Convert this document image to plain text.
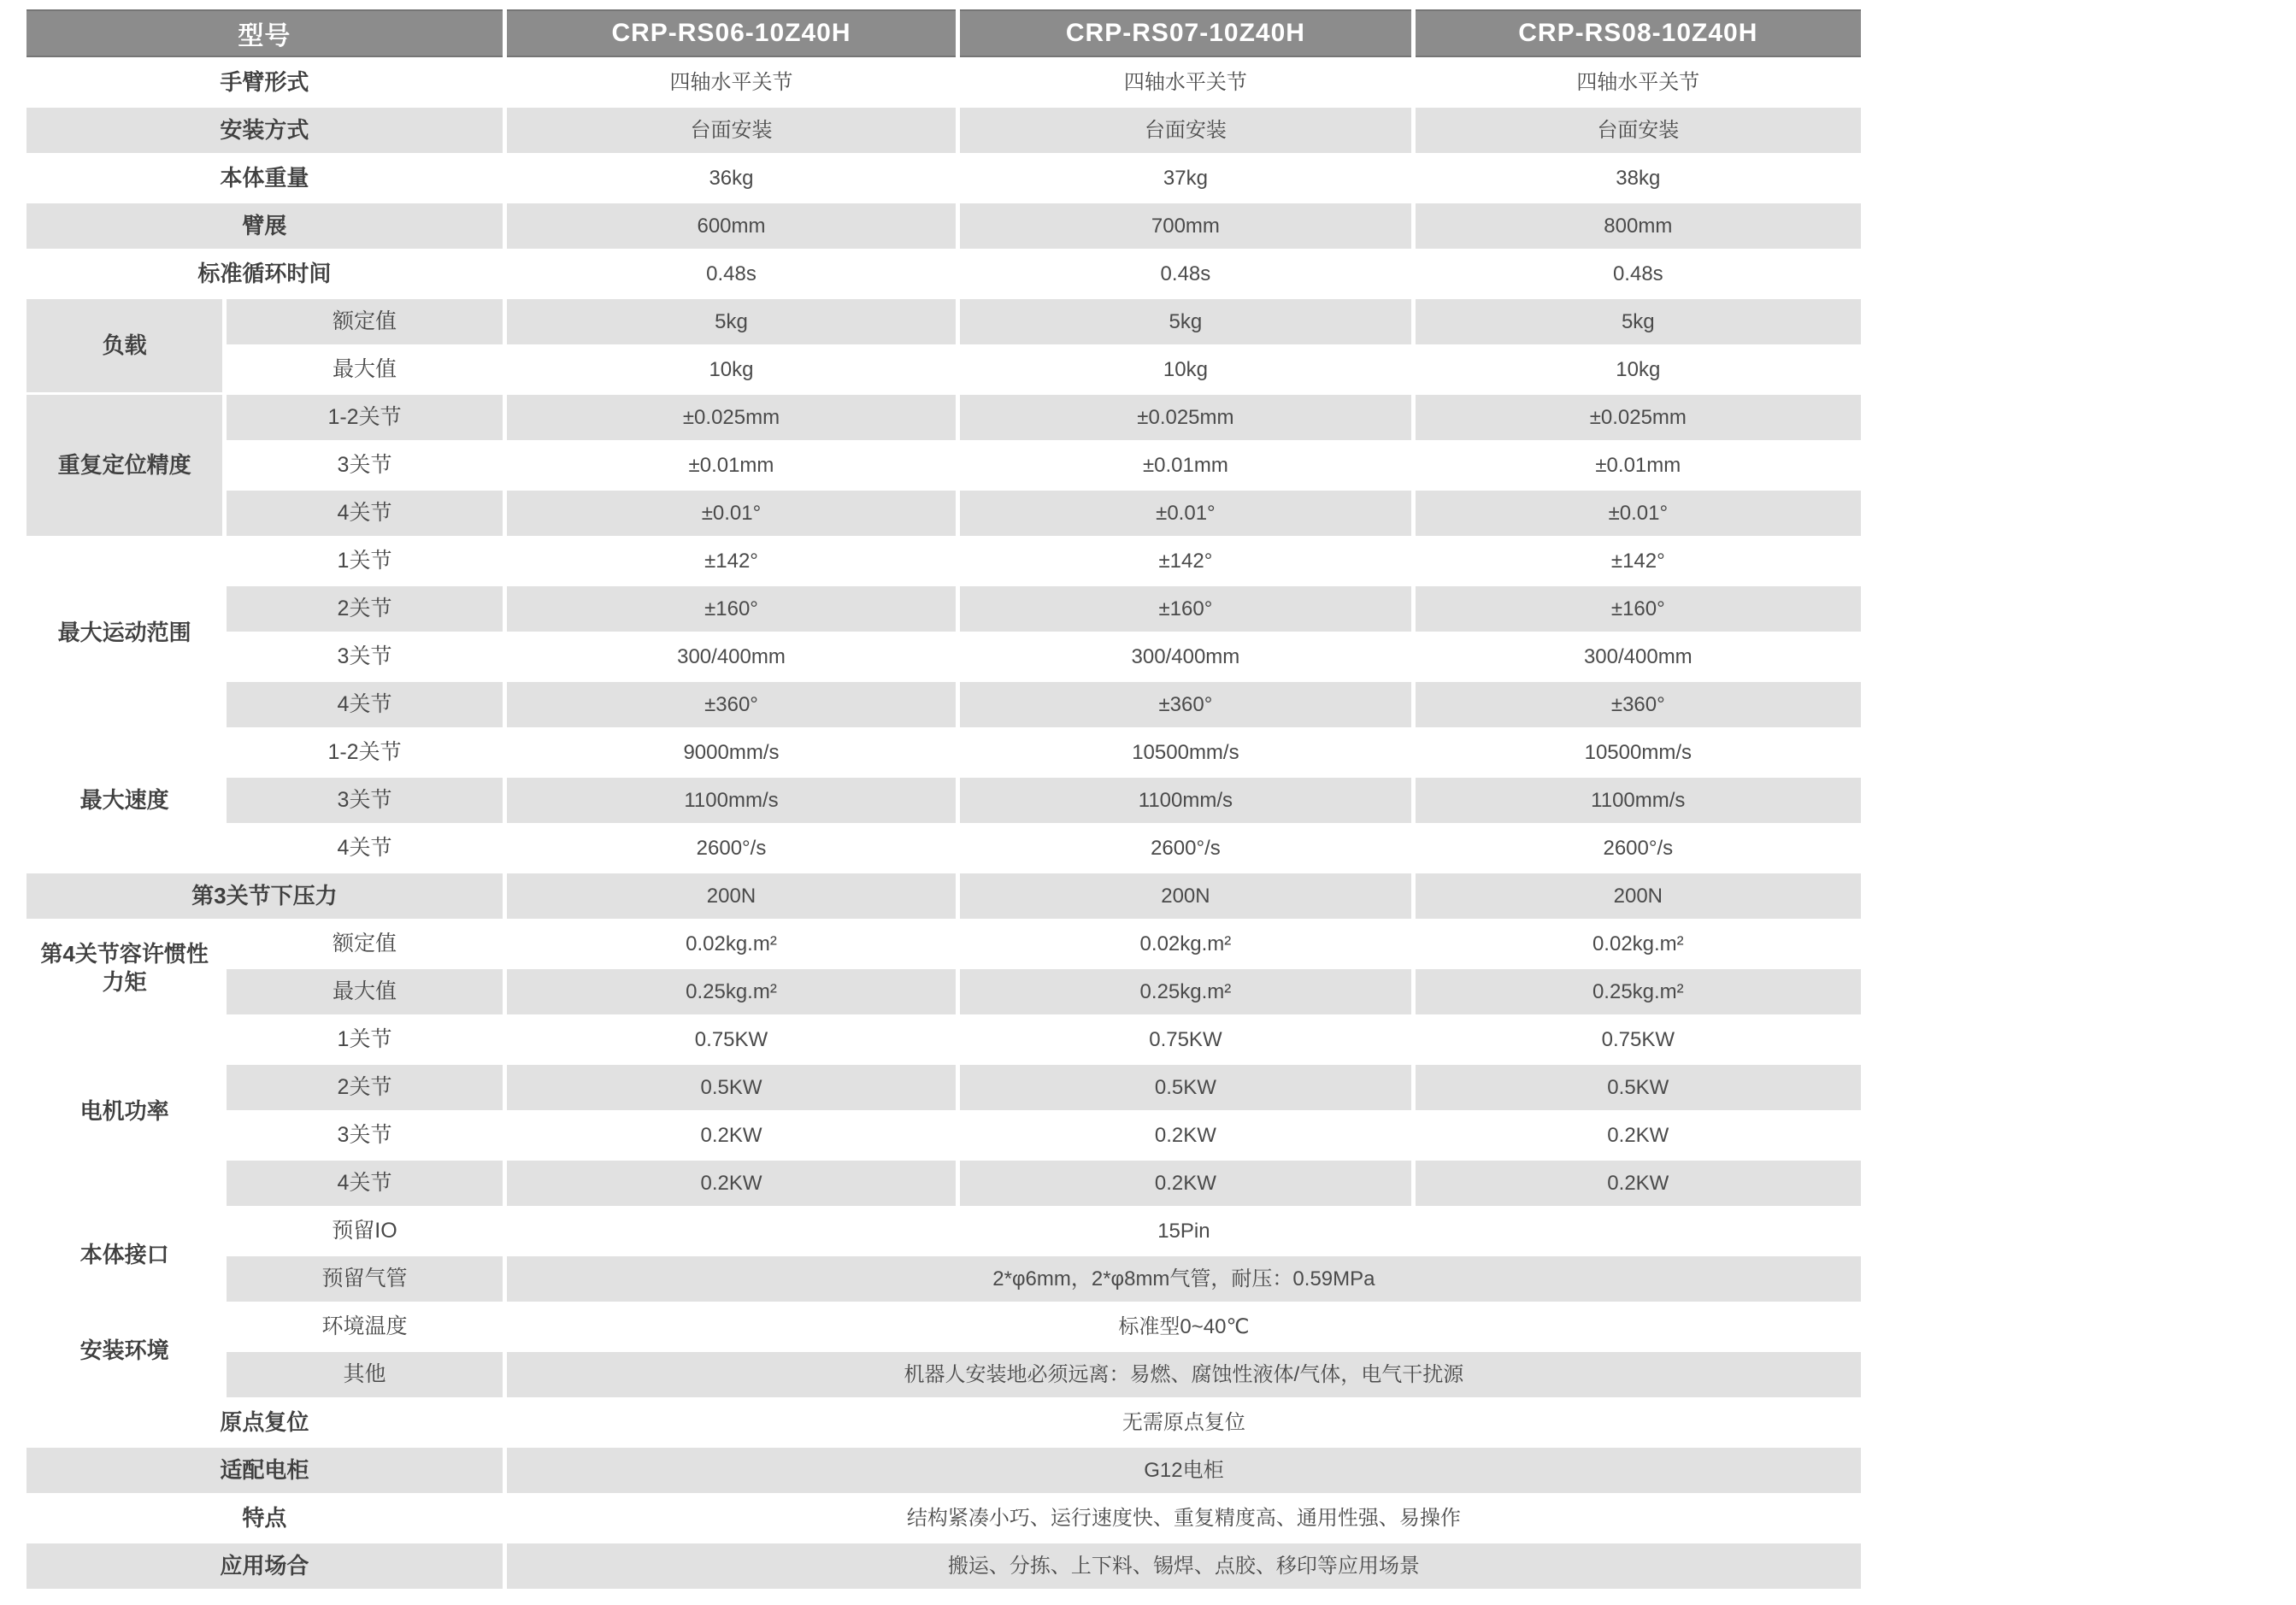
型号		CRP-RS06-10Z40H	CRP-RS07-10Z40H	CRP-RS08-10Z40H
手臂形式		四轴水平关节	四轴水平关节	四轴水平关节
安装方式		台面安装	台面安装	台面安装
本体重量		36kg	37kg	38kg
臂展		600mm	700mm	800mm
标准循环时间		0.48s	0.48s	0.48s
负载	额定值	5kg	5kg	5kg
	最大值	10kg	10kg	10kg
重复定位精度	1-2关节	±0.025mm	±0.025mm	±0.025mm
	3关节	±0.01mm	±0.01mm	±0.01mm
	4关节	±0.01°	±0.01°	±0.01°
最大运动范围	1关节	±142°	±142°	±142°
	2关节	±160°	±160°	±160°
	3关节	300/400mm	300/400mm	300/400mm
	4关节	±360°	±360°	±360°
最大速度	1-2关节	9000mm/s	10500mm/s	10500mm/s
	3关节	1100mm/s	1100mm/s	1100mm/s
	4关节	2600°/s	2600°/s	2600°/s
第3关节下压力		200N	200N	200N
第4关节容许惯性力矩	额定值	0.02kg.m²	0.02kg.m²	0.02kg.m²
	最大值	0.25kg.m²	0.25kg.m²	0.25kg.m²
电机功率	1关节	0.75KW	0.75KW	0.75KW
	2关节	0.5KW	0.5KW	0.5KW
	3关节	0.2KW	0.2KW	0.2KW
	4关节	0.2KW	0.2KW	0.2KW
本体接口	预留IO	15Pin		
	预留气管	2*φ6mm，2*φ8mm气管，耐压：0.59MPa		
安装环境	环境温度	标准型0~40℃		
	其他	机器人安装地必须远离：易燃、腐蚀性液体/气体，电气干扰源		
原点复位		无需原点复位		
适配电柜		G12电柜		
特点		结构紧凑小巧、运行速度快、重复精度高、通用性强、易操作		
应用场合		搬运、分拣、上下料、锡焊、点胶、移印等应用场景		
